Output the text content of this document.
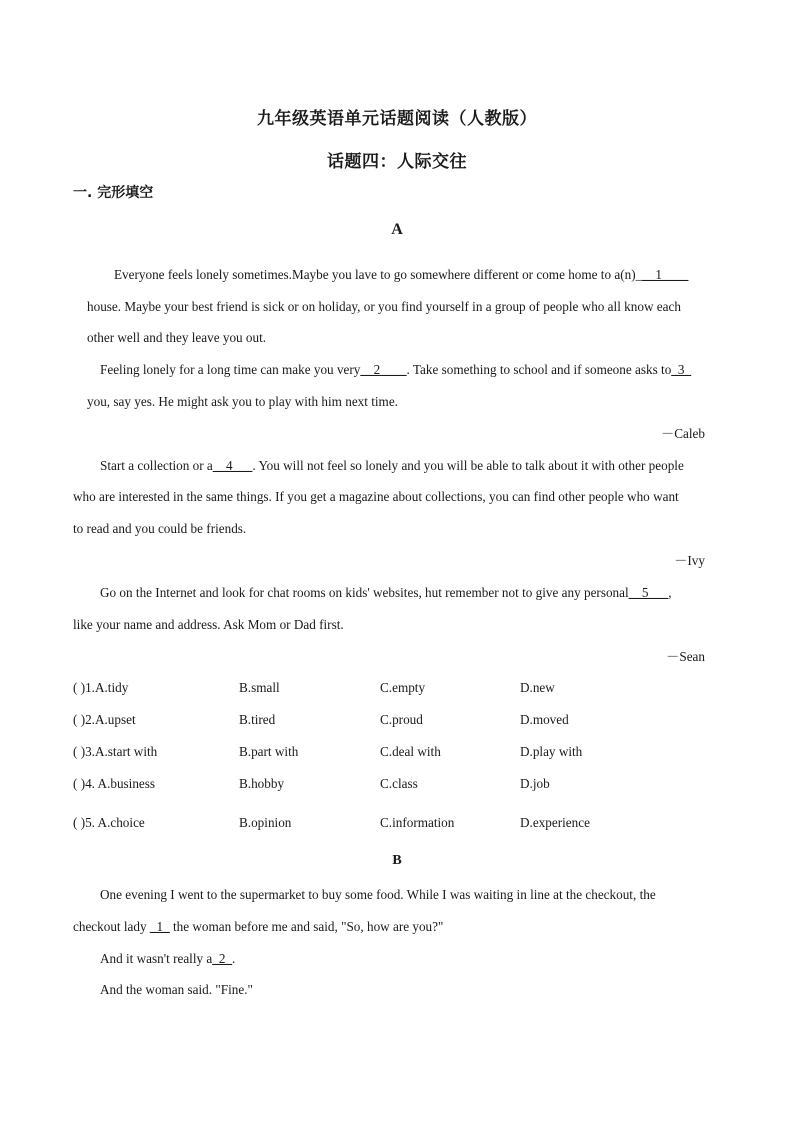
九年级英语单元话题阅读（人教版）
话题四：人际交往
一. 完形填空
A
Everyone feels lonely sometimes.Maybe you lave to go somewhere different or come home to a(n)___1____
house. Maybe your best friend is sick or on holiday, or you find yourself in a group of people who all know each
other well and they leave you out.
Feeling lonely for a long time can make you very__2____. Take something to school and if someone asks to_3_
you, say yes. He might ask you to play with him next time.
－Caleb
Start a collection or a__4___. You will not feel so lonely and you will be able to talk about it with other people
who are interested in the same things. If you get a magazine about collections, you can find other people who want
to read and you could be friends.
－Ivy
Go on the Internet and look for chat rooms on kids' websites, hut remember not to give any personal__5___,
like your name and address. Ask Mom or Dad first.
－Sean
( )1.A.tidy	B.small	C.empty	D.new
( )2.A.upset	B.tired	C.proud	D.moved
( )3.A.start with	B.part with	C.deal with	D.play with
( )4. A.business	B.hobby	C.class	D.job
( )5. A.choice	B.opinion	C.information	D.experience
B
One evening I went to the supermarket to buy some food. While I was waiting in line at the checkout, the
checkout lady _1_ the woman before me and said, "So, how are you?"
And it wasn't really a_2_.
And the woman said. "Fine."
